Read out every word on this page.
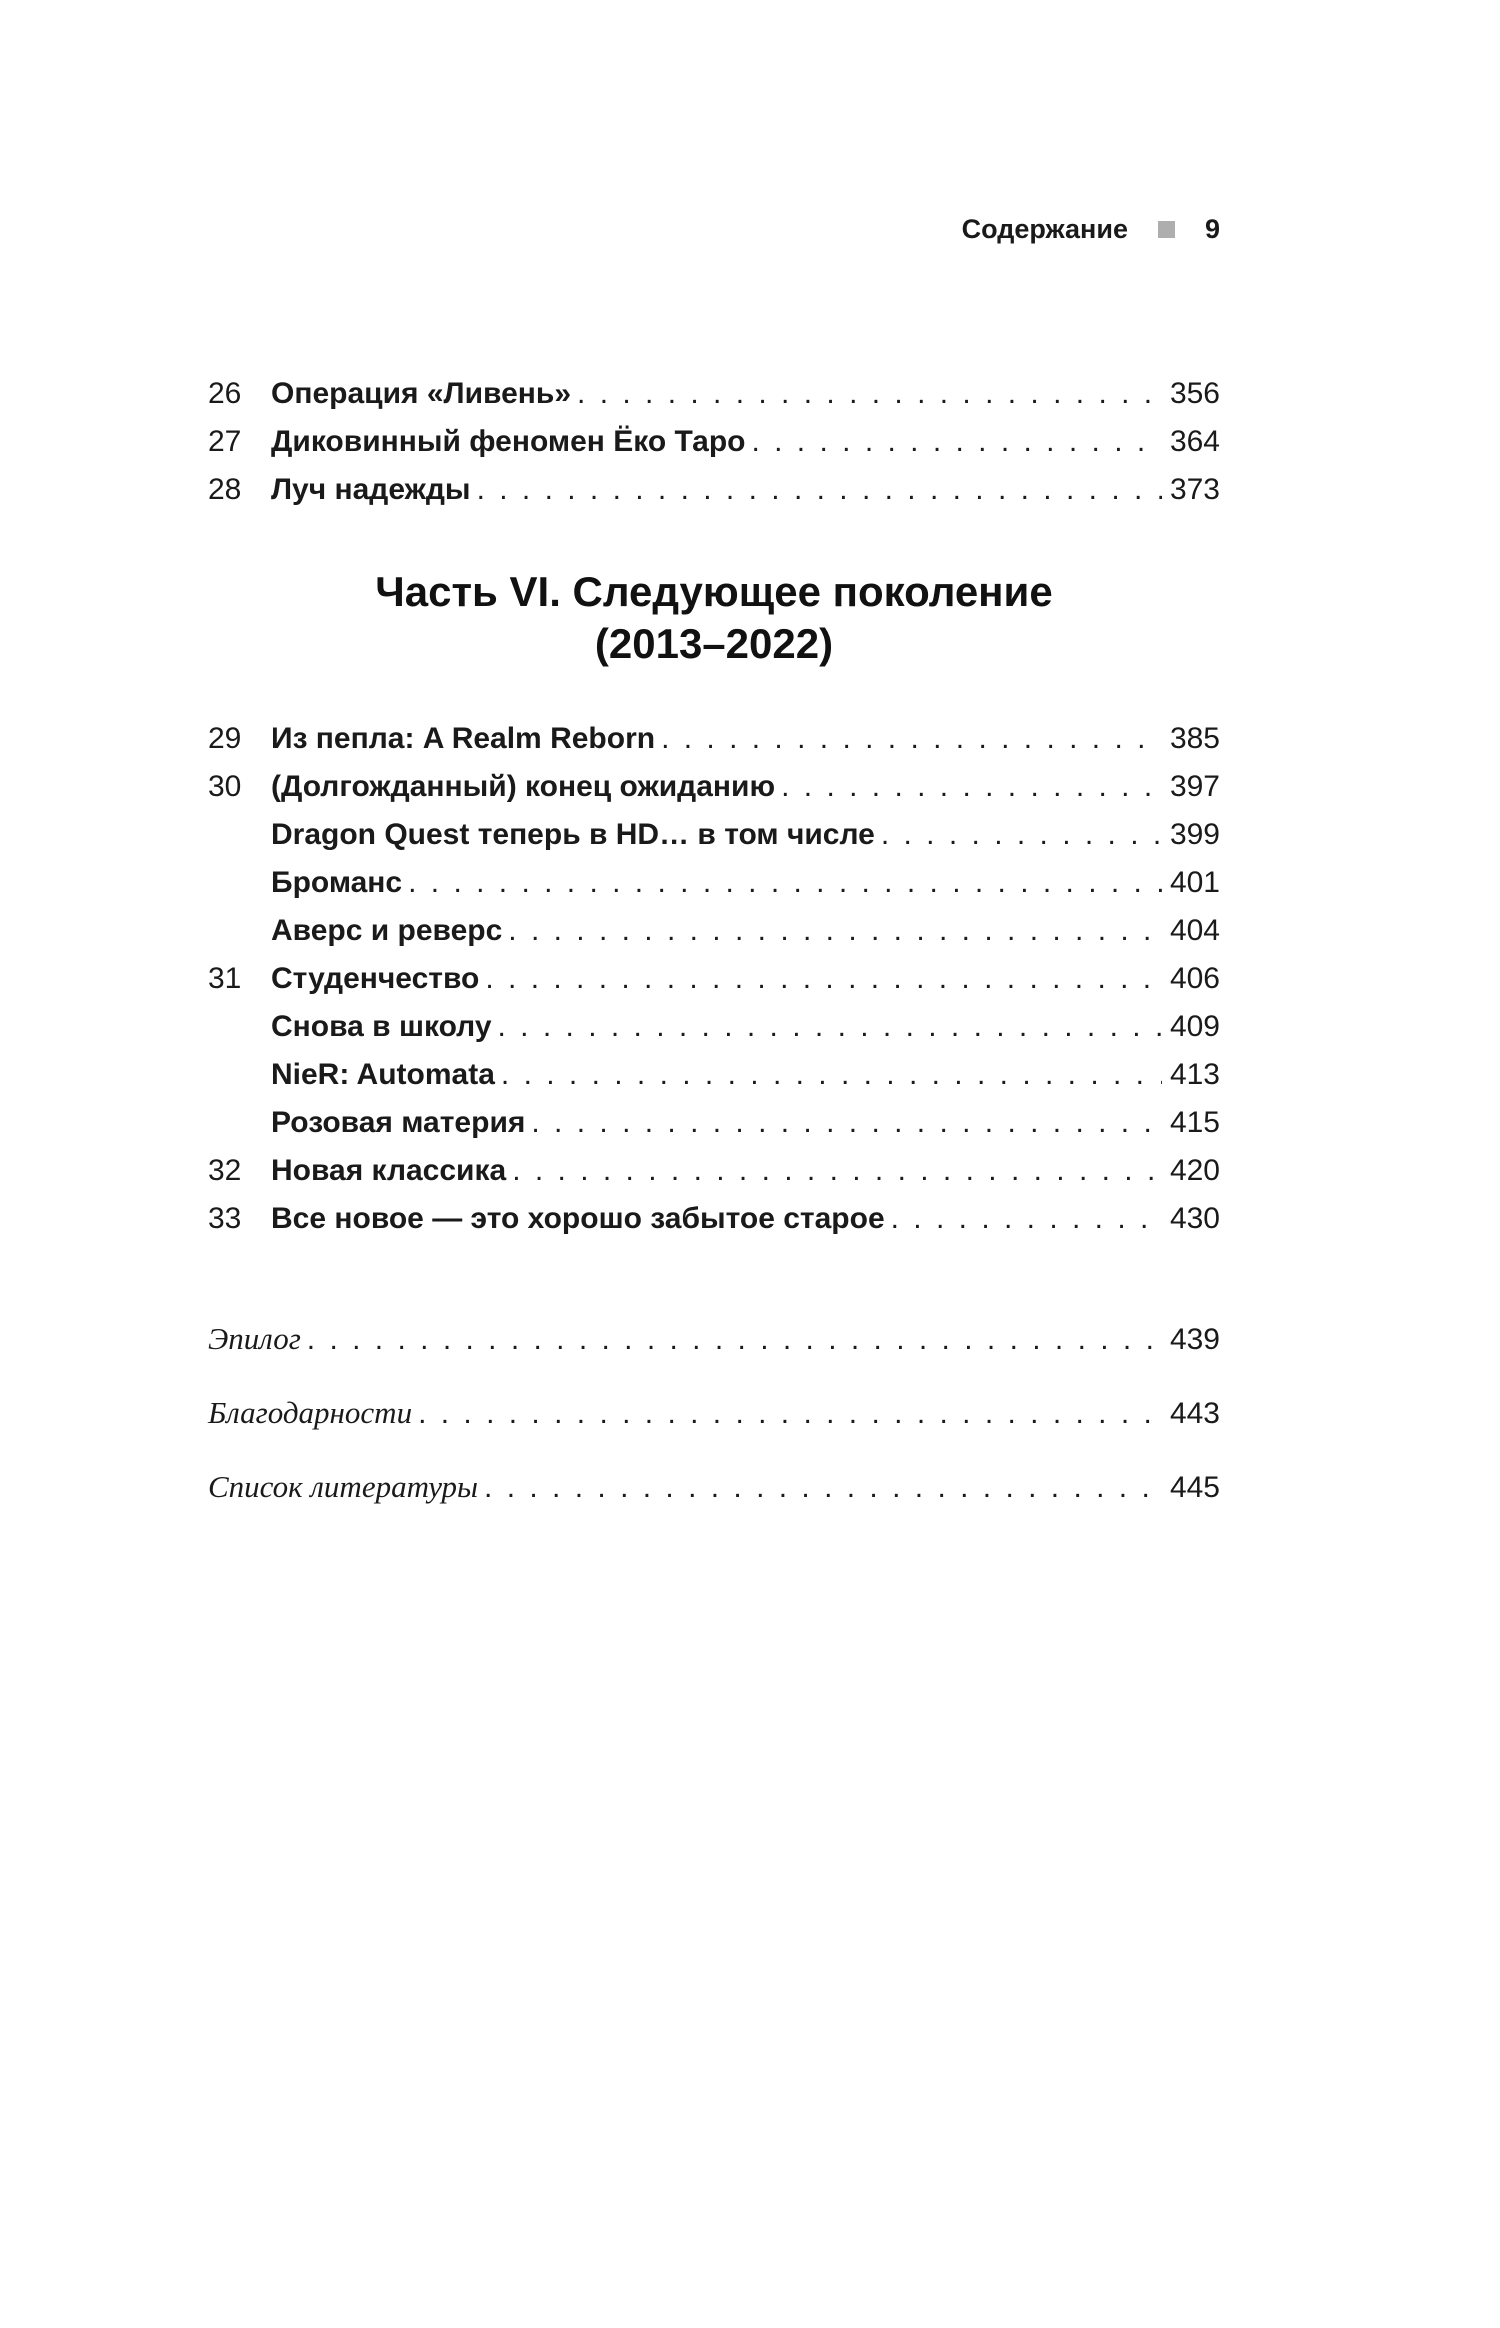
Содержание	9
26 Операция «Ливень» . . .	356
27 Диковинный феномен Ёко Таро . . .	364
28 Луч надежды . . .	373
Часть VI. Следующее поколение
(2013–2022)
29 Из пепла: A Realm Reborn . . .	385
30 (Долгожданный) конец ожиданию . . .	397
Dragon Quest теперь в HD… в том числе . . .	399
Броманс . . .	401
Аверс и реверс . . .	404
31 Студенчество . . .	406
Снова в школу . . .	409
NieR: Automata . . .	413
Розовая материя . . .	415
32 Новая классика . . .	420
33 Все новое — это хорошо забытое старое . . .	430
Эпилог . . .	439
Благодарности . . .	443
Список литературы . . .	445
